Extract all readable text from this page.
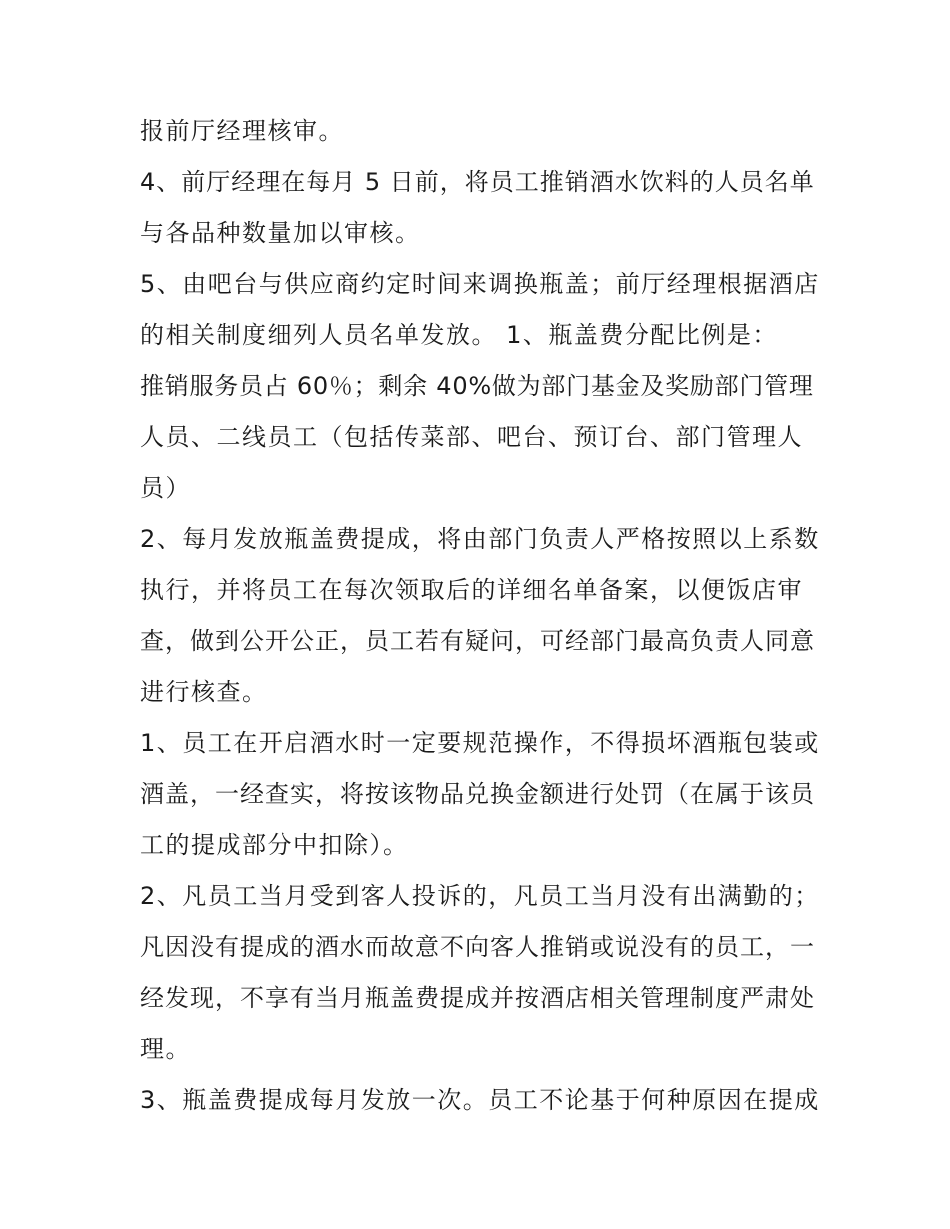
报前厅经理核审。
4、前厅经理在每月 5 日前，将员工推销酒水饮料的人员名单
与各品种数量加以审核。
5、由吧台与供应商约定时间来调换瓶盖；前厅经理根据酒店
的相关制度细列人员名单发放。 1、瓶盖费分配比例是：
推销服务员占 60％；剩余 40%做为部门基金及奖励部门管理
人员、二线员工（包括传菜部、吧台、预订台、部门管理人
员）
2、每月发放瓶盖费提成，将由部门负责人严格按照以上系数
执行，并将员工在每次领取后的详细名单备案，以便饭店审
查，做到公开公正，员工若有疑问，可经部门最高负责人同意
进行核查。
1、员工在开启酒水时一定要规范操作，不得损坏酒瓶包装或
酒盖，一经查实，将按该物品兑换金额进行处罚（在属于该员
工的提成部分中扣除）。
2、凡员工当月受到客人投诉的，凡员工当月没有出满勤的；
凡因没有提成的酒水而故意不向客人推销或说没有的员工，一
经发现，不享有当月瓶盖费提成并按酒店相关管理制度严肃处
理。
3、瓶盖费提成每月发放一次。员工不论基于何种原因在提成
